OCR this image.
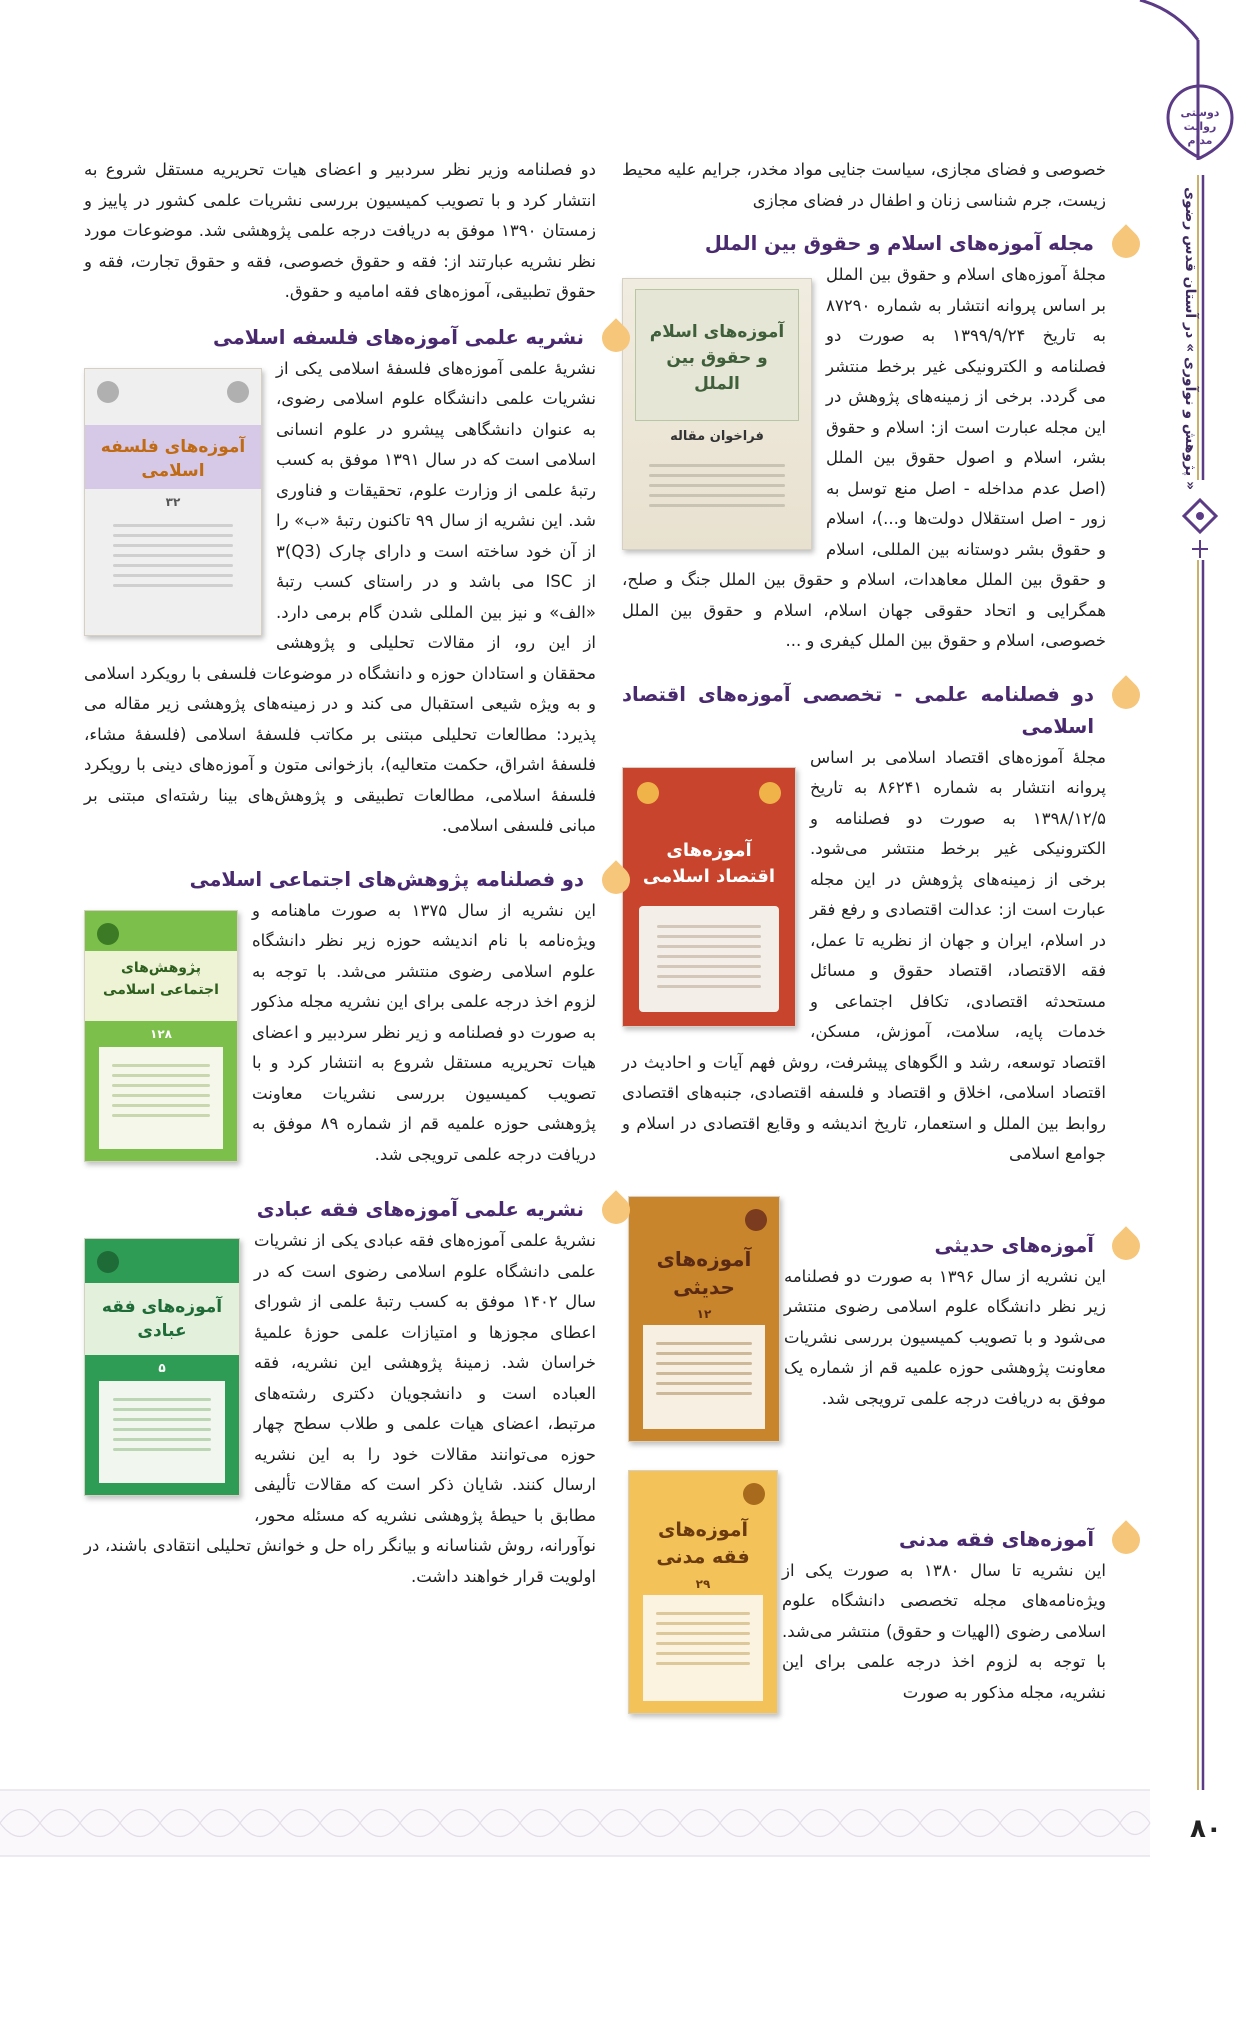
دوستی روایت مدام
« پژوهش و نوآوری » در آستان قدس رضوی
۸۰

خصوصی و فضای مجازی، سیاست جنایی مواد مخدر، جرایم علیه محیط زیست، جرم شناسی زنان و اطفال در فضای مجازی

مجله آموزه‌های اسلام و حقوق بین الملل
آموزه‌های اسلام و حقوق بین الملل
فراخوان مقاله

مجلهٔ آموزه‌های اسلام و حقوق بین الملل بر اساس پروانه انتشار به شماره ۸۷۲۹۰ به تاریخ ۱۳۹۹/۹/۲۴ به صورت دو فصلنامه و الکترونیکی غیر برخط منتشر می گردد. برخی از زمینه‌های پژوهش در این مجله عبارت است از: اسلام و حقوق بشر، اسلام و اصول حقوق بین الملل (اصل عدم مداخله - اصل منع توسل به زور - اصل استقلال دولت‌ها و...)، اسلام و حقوق بشر دوستانه بین المللی، اسلام و حقوق بین الملل معاهدات، اسلام و حقوق بین الملل جنگ و صلح، همگرایی و اتحاد حقوقی جهان اسلام، اسلام و حقوق بین الملل خصوصی، اسلام و حقوق بین الملل کیفری و ...

دو فصلنامه علمی - تخصصی آموزه‌های اقتصاد اسلامی
آموزه‌های اقتصاد اسلامی

مجلهٔ آموزه‌های اقتصاد اسلامی بر اساس پروانه انتشار به شماره ۸۶۲۴۱ به تاریخ ۱۳۹۸/۱۲/۵ به صورت دو فصلنامه و الکترونیکی غیر برخط منتشر می‌شود. برخی از زمینه‌های پژوهش در این مجله عبارت است از: عدالت اقتصادی و رفع فقر در اسلام، ایران و جهان از نظریه تا عمل، فقه الاقتصاد، اقتصاد حقوق و مسائل مستحدثه اقتصادی، تکافل اجتماعی و خدمات پایه، سلامت، آموزش، مسکن، اقتصاد توسعه، رشد و الگوهای پیشرفت، روش فهم آیات و احادیث در اقتصاد اسلامی، اخلاق و اقتصاد و فلسفه اقتصادی، جنبه‌های اقتصادی روابط بین الملل و استعمار، تاریخ اندیشه و وقایع اقتصادی در اسلام و جوامع اسلامی

آموزه‌های حدیثی
۱۲
آموزه‌های حدیثی

این نشریه از سال ۱۳۹۶ به صورت دو فصلنامه زیر نظر دانشگاه علوم اسلامی رضوی منتشر می‌شود و با تصویب کمیسیون بررسی نشریات معاونت پژوهشی حوزه علمیه قم از شماره یک موفق به دریافت درجه علمی ترویجی شد.

آموزه‌های فقه مدنی
۲۹
آموزه‌های فقه مدنی

این نشریه تا سال ۱۳۸۰ به صورت یکی از ویژه‌نامه‌های مجله تخصصی دانشگاه علوم اسلامی رضوی (الهیات و حقوق) منتشر می‌شد. با توجه به لزوم اخذ درجه علمی برای این نشریه، مجله مذکور به صورت

دو فصلنامه وزیر نظر سردبیر و اعضای هیات تحریریه مستقل شروع به انتشار کرد و با تصویب کمیسیون بررسی نشریات علمی کشور در پاییز و زمستان ۱۳۹۰ موفق به دریافت درجه علمی پژوهشی شد. موضوعات مورد نظر نشریه عبارتند از: فقه و حقوق خصوصی، فقه و حقوق تجارت، فقه و حقوق تطبیقی، آموزه‌های فقه امامیه و حقوق.

نشریه علمی آموزه‌های فلسفه اسلامی
آموزه‌های فلسفه اسلامی
۳۲

نشریهٔ علمی آموزه‌های فلسفهٔ اسلامی یکی از نشریات علمی دانشگاه علوم اسلامی رضوی، به عنوان دانشگاهی پیشرو در علوم انسانی اسلامی است که در سال ۱۳۹۱ موفق به کسب رتبهٔ علمی از وزارت علوم، تحقیقات و فناوری شد. این نشریه از سال ۹۹ تاکنون رتبهٔ «ب» را از آن خود ساخته است و دارای چارک (Q3)۳ از ISC می باشد و در راستای کسب رتبهٔ «الف» و نیز بین المللی شدن گام برمی دارد. از این رو، از مقالات تحلیلی و پژوهشی محققان و استادان حوزه و دانشگاه در موضوعات فلسفی با رویکرد اسلامی و به ویژه شیعی استقبال می کند و در زمینه‌های پژوهشی زیر مقاله می پذیرد: مطالعات تحلیلی مبتنی بر مکاتب فلسفهٔ اسلامی (فلسفهٔ مشاء، فلسفهٔ اشراق، حکمت متعالیه)، بازخوانی متون و آموزه‌های دینی با رویکرد فلسفهٔ اسلامی، مطالعات تطبیقی و پژوهش‌های بینا رشته‌ای مبتنی بر مبانی فلسفی اسلامی.

دو فصلنامه پژوهش‌های اجتماعی اسلامی
پژوهش‌های اجتماعی اسلامی
۱۲۸

این نشریه از سال ۱۳۷۵ به صورت ماهنامه و ویژه‌نامه با نام اندیشه حوزه زیر نظر دانشگاه علوم اسلامی رضوی منتشر می‌شد. با توجه به لزوم اخذ درجه علمی برای این نشریه مجله مذکور به صورت دو فصلنامه و زیر نظر سردبیر و اعضای هیات تحریریه مستقل شروع به انتشار کرد و با تصویب کمیسیون بررسی نشریات معاونت پژوهشی حوزه علمیه قم از شماره ۸۹ موفق به دریافت درجه علمی ترویجی شد.

نشریه علمی آموزه‌های فقه عبادی
آموزه‌های فقه عبادی
۵

نشریهٔ علمی آموزه‌های فقه عبادی یکی از نشریات علمی دانشگاه علوم اسلامی رضوی است که در سال ۱۴۰۲ موفق به کسب رتبهٔ علمی از شورای اعطای مجوزها و امتیازات علمی حوزهٔ علمیهٔ خراسان شد. زمینهٔ پژوهشی این نشریه، فقه العباده است و دانشجویان دکتری رشته‌های مرتبط، اعضای هیات علمی و طلاب سطح چهار حوزه می‌توانند مقالات خود را به این نشریه ارسال کنند. شایان ذکر است که مقالات تألیفی مطابق با حیطهٔ پژوهشی نشریه که مسئله محور، نوآورانه، روش شناسانه و بیانگر راه حل و خوانش تحلیلی انتقادی باشند، در اولویت قرار خواهند داشت.
